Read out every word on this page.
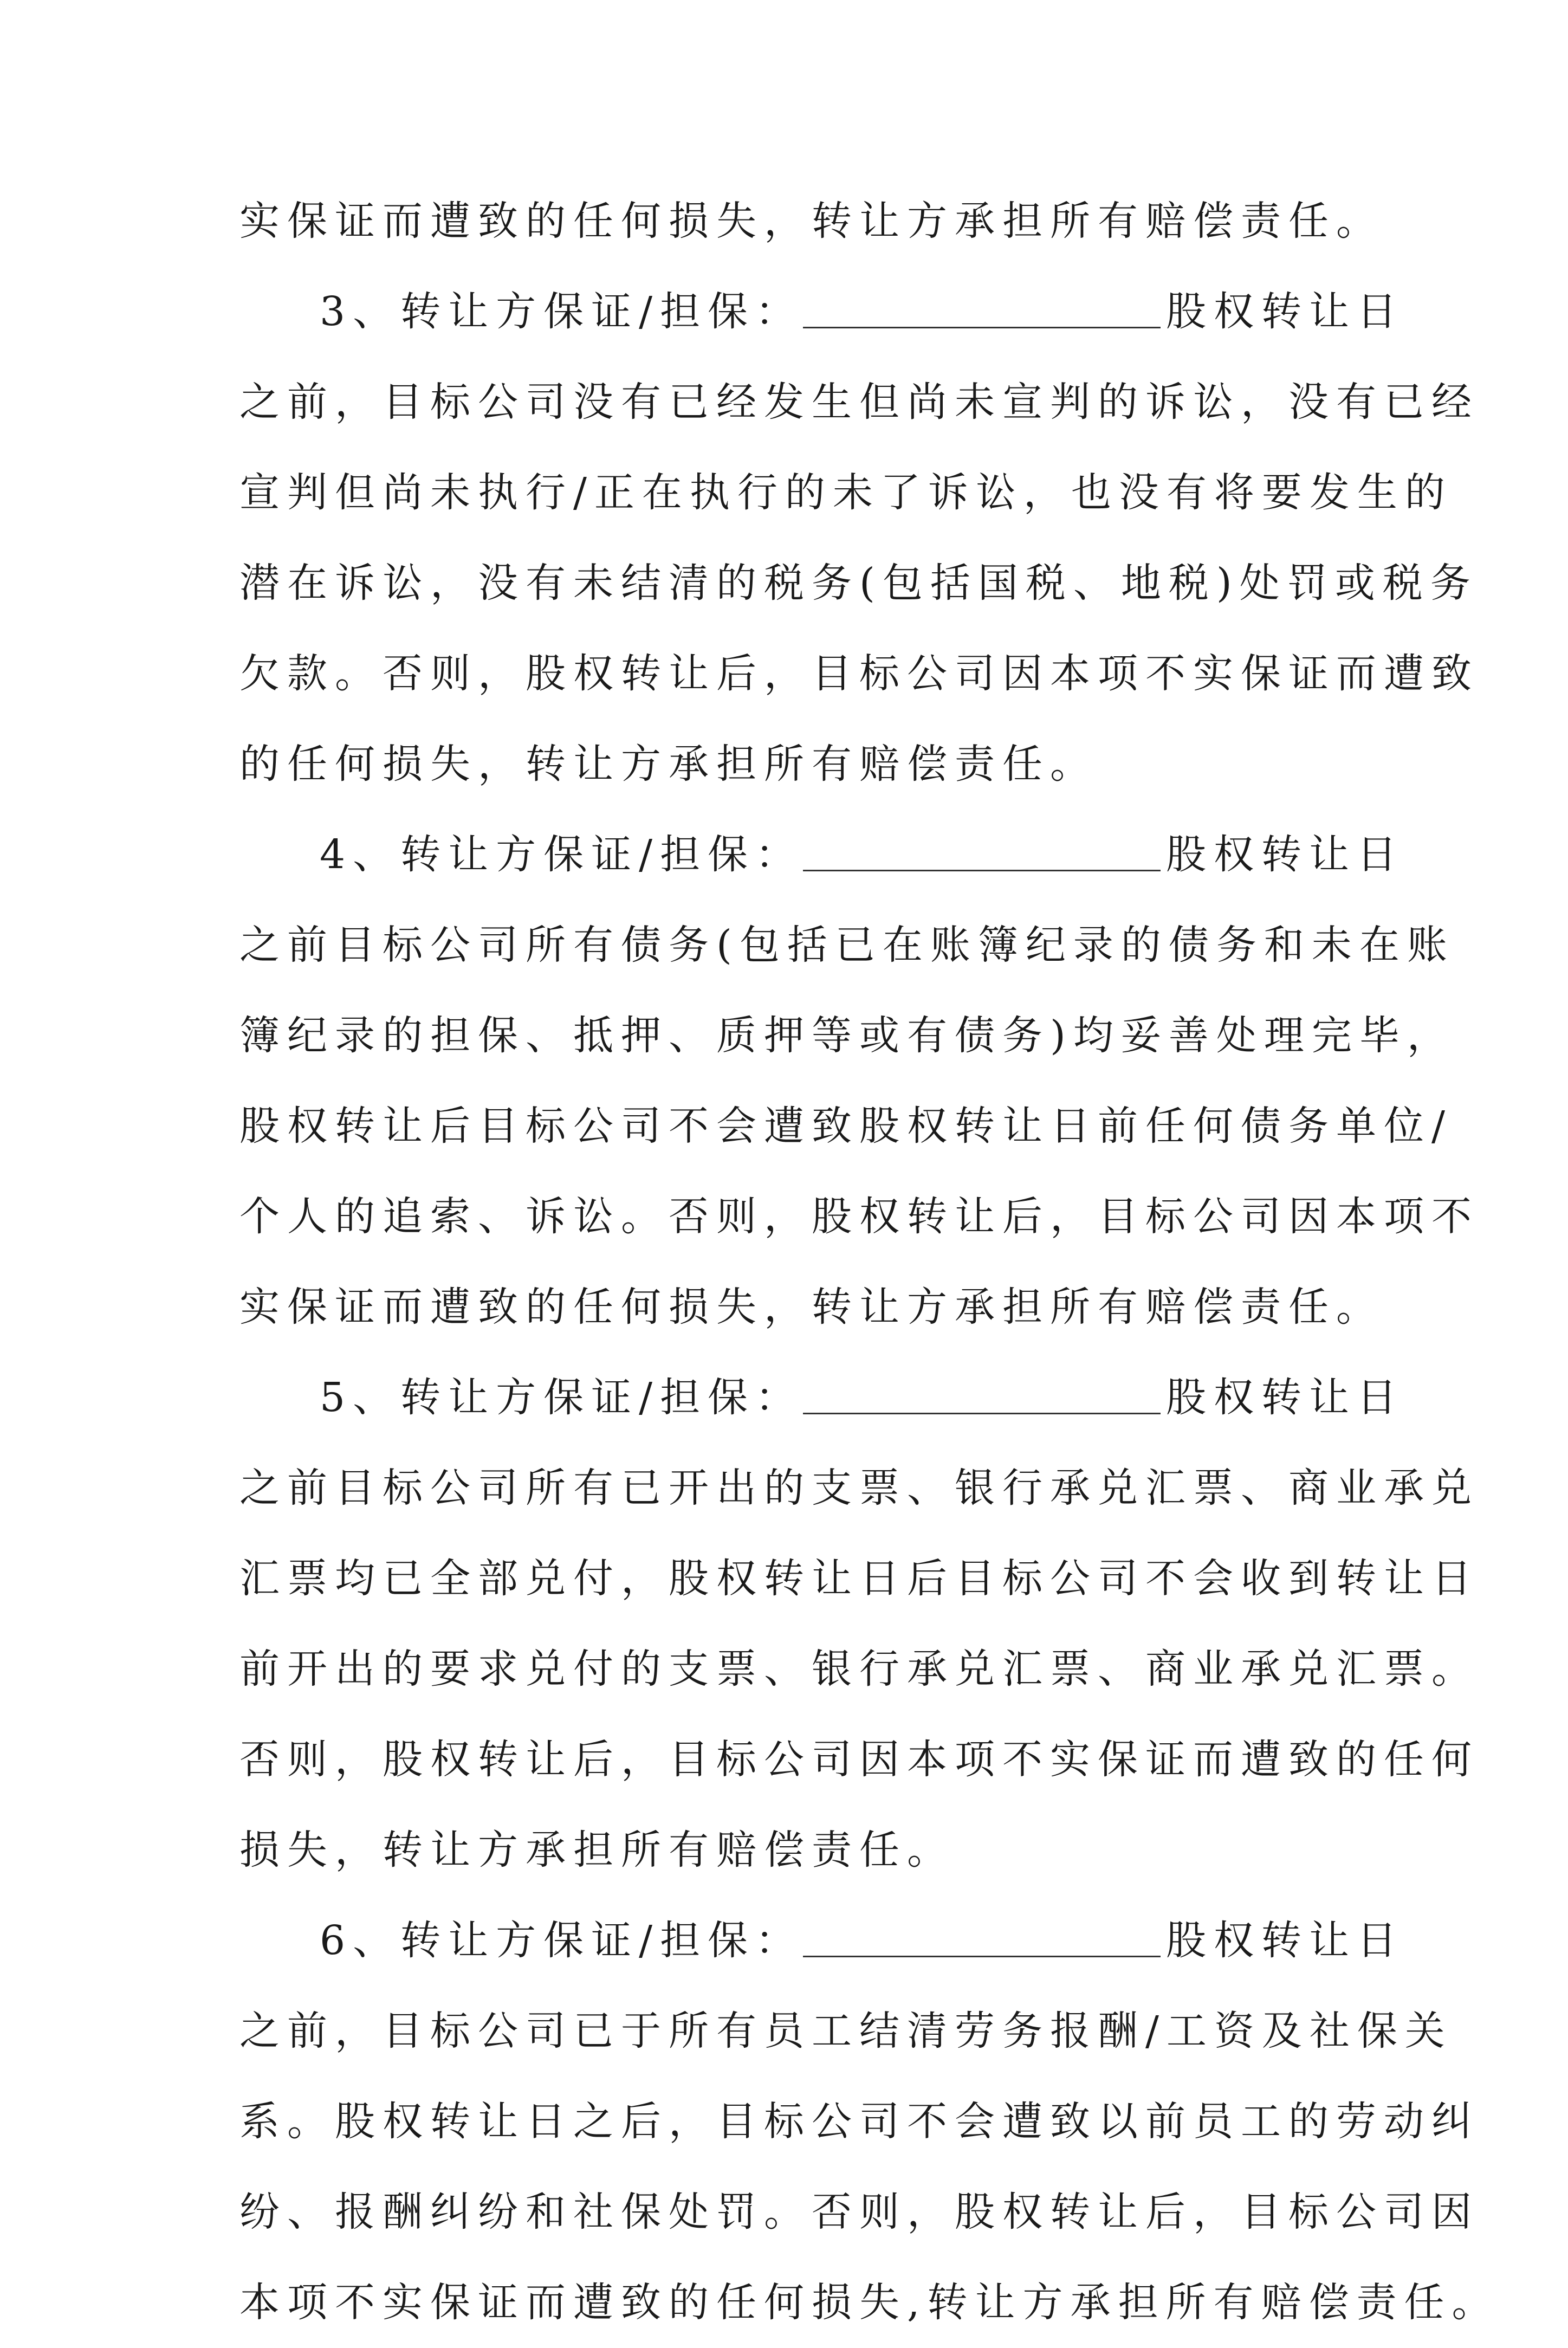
实保证而遭致的任何损失，转让方承担所有赔偿责任。
3、转让方保证/担保：	股权转让日
之前，目标公司没有已经发生但尚未宣判的诉讼，没有已经
宣判但尚未执行/正在执行的未了诉讼，也没有将要发生的
潜在诉讼，没有未结清的税务(包括国税、地税)处罚或税务
欠款。否则，股权转让后，目标公司因本项不实保证而遭致
的任何损失，转让方承担所有赔偿责任。
4、转让方保证/担保：	股权转让日
之前目标公司所有债务(包括已在账簿纪录的债务和未在账
簿纪录的担保、抵押、质押等或有债务)均妥善处理完毕，
股权转让后目标公司不会遭致股权转让日前任何债务单位/
个人的追索、诉讼。否则，股权转让后，目标公司因本项不
实保证而遭致的任何损失，转让方承担所有赔偿责任。
5、转让方保证/担保：	股权转让日
之前目标公司所有已开出的支票、银行承兑汇票、商业承兑
汇票均已全部兑付，股权转让日后目标公司不会收到转让日
前开出的要求兑付的支票、银行承兑汇票、商业承兑汇票。
否则，股权转让后，目标公司因本项不实保证而遭致的任何
损失，转让方承担所有赔偿责任。
6、转让方保证/担保：	股权转让日
之前，目标公司已于所有员工结清劳务报酬/工资及社保关
系。股权转让日之后，目标公司不会遭致以前员工的劳动纠
纷、报酬纠纷和社保处罚。否则，股权转让后，目标公司因
本项不实保证而遭致的任何损失,转让方承担所有赔偿责任。
